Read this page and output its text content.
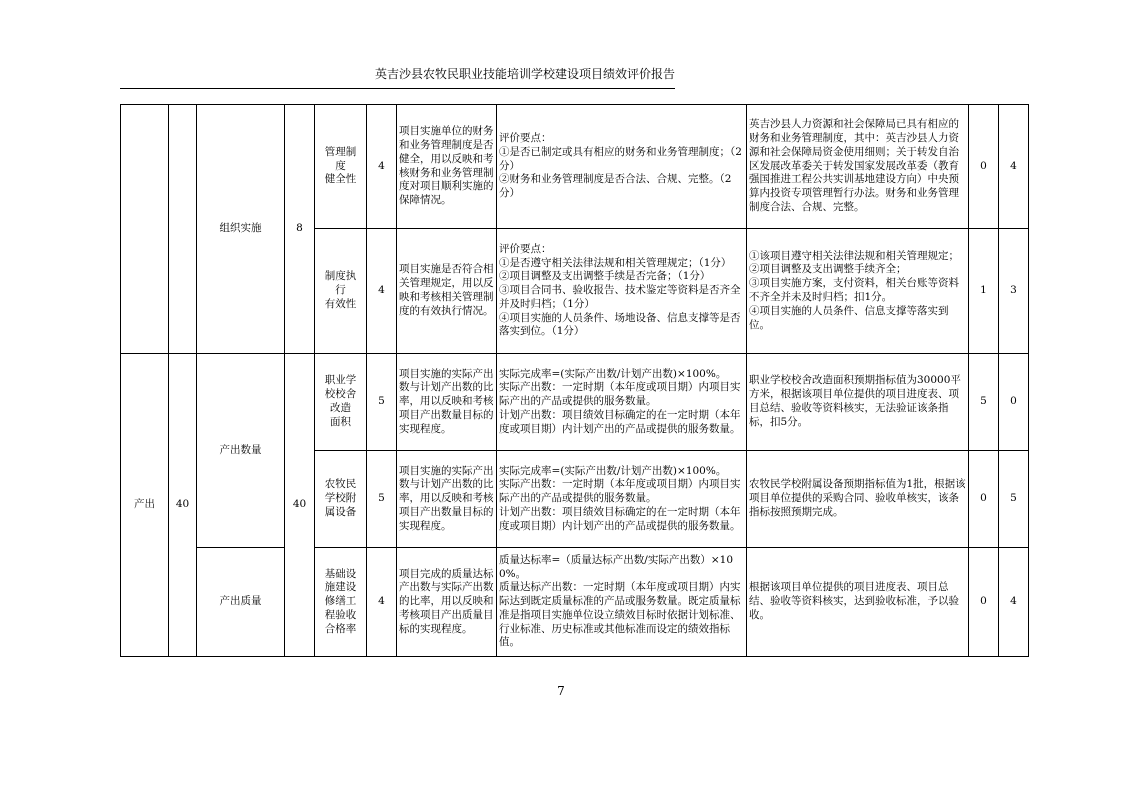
英吉沙县农牧民职业技能培训学校建设项目绩效评价报告
		组织实施	8	管理制
度
健全性	4	项目实施单位的财务和业务管理制度是否健全，用以反映和考核财务和业务管理制度对项目顺利实施的保障情况。	评价要点：
①是否已制定或具有相应的财务和业务管理制度；（2分）
②财务和业务管理制度是否合法、合规、完整。（2分）	英吉沙县人力资源和社会保障局已具有相应的财务和业务管理制度，其中：英吉沙县人力资源和社会保障局资金使用细则；关于转发自治区发展改革委关于转发国家发展改革委（教育强国推进工程公共实训基地建设方向）中央预算内投资专项管理暂行办法。财务和业务管理制度合法、合规、完整。	0	4

				制度执
行
有效性	4	项目实施是否符合相关管理规定，用以反映和考核相关管理制度的有效执行情况。	评价要点：
①是否遵守相关法律法规和相关管理规定；（1分）
②项目调整及支出调整手续是否完备；（1分）
③项目合同书、验收报告、技术鉴定等资料是否齐全并及时归档；（1分）
④项目实施的人员条件、场地设备、信息支撑等是否落实到位。（1分）	①该项目遵守相关法律法规和相关管理规定；
②项目调整及支出调整手续齐全；
③项目实施方案，支付资料，相关台账等资料不齐全并未及时归档；扣1分。
④项目实施的人员条件、信息支撑等落实到位。	1	3
产出	40	产出数量	40	职业学
校校舍
改造
面积	5	项目实施的实际产出数与计划产出数的比率，用以反映和考核项目产出数量目标的实现程度。	实际完成率=(实际产出数/计划产出数)×100%。
实际产出数：一定时期（本年度或项目期）内项目实际产出的产品或提供的服务数量。
计划产出数：项目绩效目标确定的在一定时期（本年度或项目期）内计划产出的产品或提供的服务数量。	职业学校校舍改造面积预期指标值为30000平方米，根据该项目单位提供的项目进度表、项目总结、验收等资料核实，无法验证该条指标，扣5分。	5	0

				农牧民
学校附
属设备	5	项目实施的实际产出数与计划产出数的比率，用以反映和考核项目产出数量目标的实现程度。	实际完成率=(实际产出数/计划产出数)×100%。
实际产出数：一定时期（本年度或项目期）内项目实际产出的产品或提供的服务数量。
计划产出数：项目绩效目标确定的在一定时期（本年度或项目期）内计划产出的产品或提供的服务数量。	农牧民学校附属设备预期指标值为1批，根据该项目单位提供的采购合同、验收单核实，该条指标按照预期完成。	0	5
		产出质量		基础设
施建设
修缮工
程验收
合格率	4	项目完成的质量达标产出数与实际产出数的比率，用以反映和考核项目产出质量目标的实现程度。	质量达标率=（质量达标产出数/实际产出数）×100%。
质量达标产出数：一定时期（本年度或项目期）内实际达到既定质量标准的产品或服务数量。既定质量标准是指项目实施单位设立绩效目标时依据计划标准、行业标准、历史标准或其他标准而设定的绩效指标值。	根据该项目单位提供的项目进度表、项目总结、验收等资料核实，达到验收标准，予以验收。	0	4
7
